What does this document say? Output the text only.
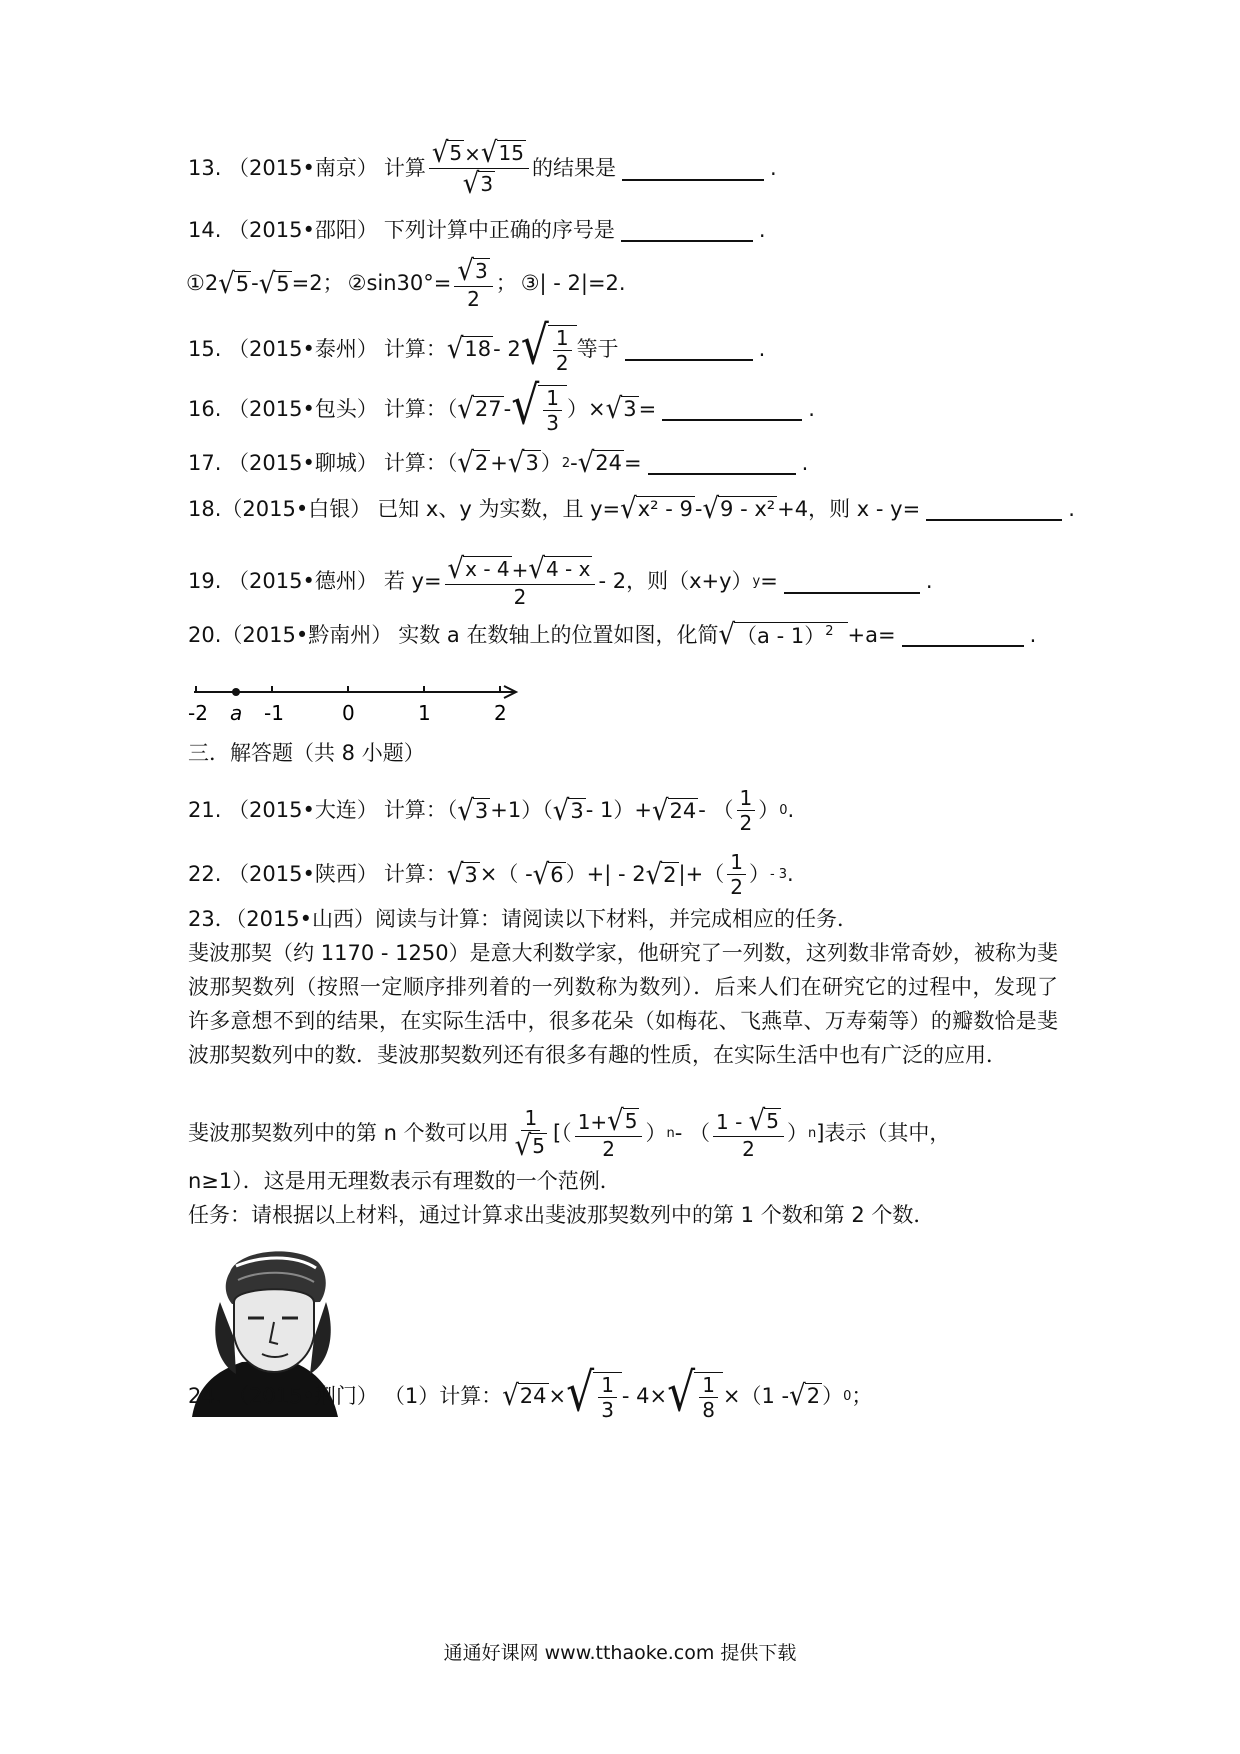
13. （2015•南京） 计算 $\frac{√ 5 \times √ 15}{√ 3}$ 的结果是	.
14. （2015•邵阳） 下列计算中正确的序号是	.
①2 √ 5 - √ 5 =2； ②sin30°= $\frac{√ 3}{2}$ ； ③| - 2|=2.
15. （2015•泰州） 计算： √ 18 - 2 √ $\frac{1}{2}$ 等于	.
16. （2015•包头） 计算：（ √ 27 - √ $\frac{1}{3}$ ）× √ 3 =	.
17. （2015•聊城） 计算：（ √ 2 + √ 3 ） 2 - √ 24 =	.
18. （2015•白银） 已知 x、y 为实数，且 y= √ x² - 9 - √ 9 - x² +4，则 x - y=	.
19. （2015•德州） 若 $y= \frac{√ x - 4 + √ 4 - x}{2} - 2$，则（x+y） y =	.
20. （2015•黔南州） 实数 a 在数轴上的位置如图，化简 √ （a - 1）$^2$ +a=	.
-2	-1	0	1	2
a
三．解答题（共 8 小题）
21. （2015•大连） 计算：（ √ 3 +1）（ √ 3 - 1）+ √ 24 - （ $\frac{1}{2}$ ） 0 .
22. （2015•陕西） 计算： √ 3 ×（ - √ 6 ）+| - 2 √ 2 |+（ $\frac{1}{2}$ ） - 3 .
23．（2015•山西）阅读与计算：请阅读以下材料，并完成相应的任务．
斐波那契（约 1170 - 1250）是意大利数学家，他研究了一列数，这列数非常奇妙，被称为斐波那契数列（按照一定顺序排列着的一列数称为数列）．后来人们在研究它的过程中，发现了许多意想不到的结果，在实际生活中，很多花朵（如梅花、飞燕草、万寿菊等）的瓣数恰是斐波那契数列中的数．斐波那契数列还有很多有趣的性质，在实际生活中也有广泛的应用．
斐波那契数列中的第 n 个数可以用 $\frac{1}{√ 5}$ [（ $\frac{1+ √ 5}{2}$ ） n - （ $\frac{1 - √ 5}{2}$ ） n ]表示（其中，
n≥1）．这是用无理数表示有理数的一个范例．
任务：请根据以上材料，通过计算求出斐波那契数列中的第 1 个数和第 2 个数．
24. （2015•荆门） （1）计算： √ 24 × √ $\frac{1}{3} - 4\times$ √ $\frac{1}{8} \times(1$ - √ 2 ） 0 ；
通通好课网 www.tthaoke.com 提供下载
